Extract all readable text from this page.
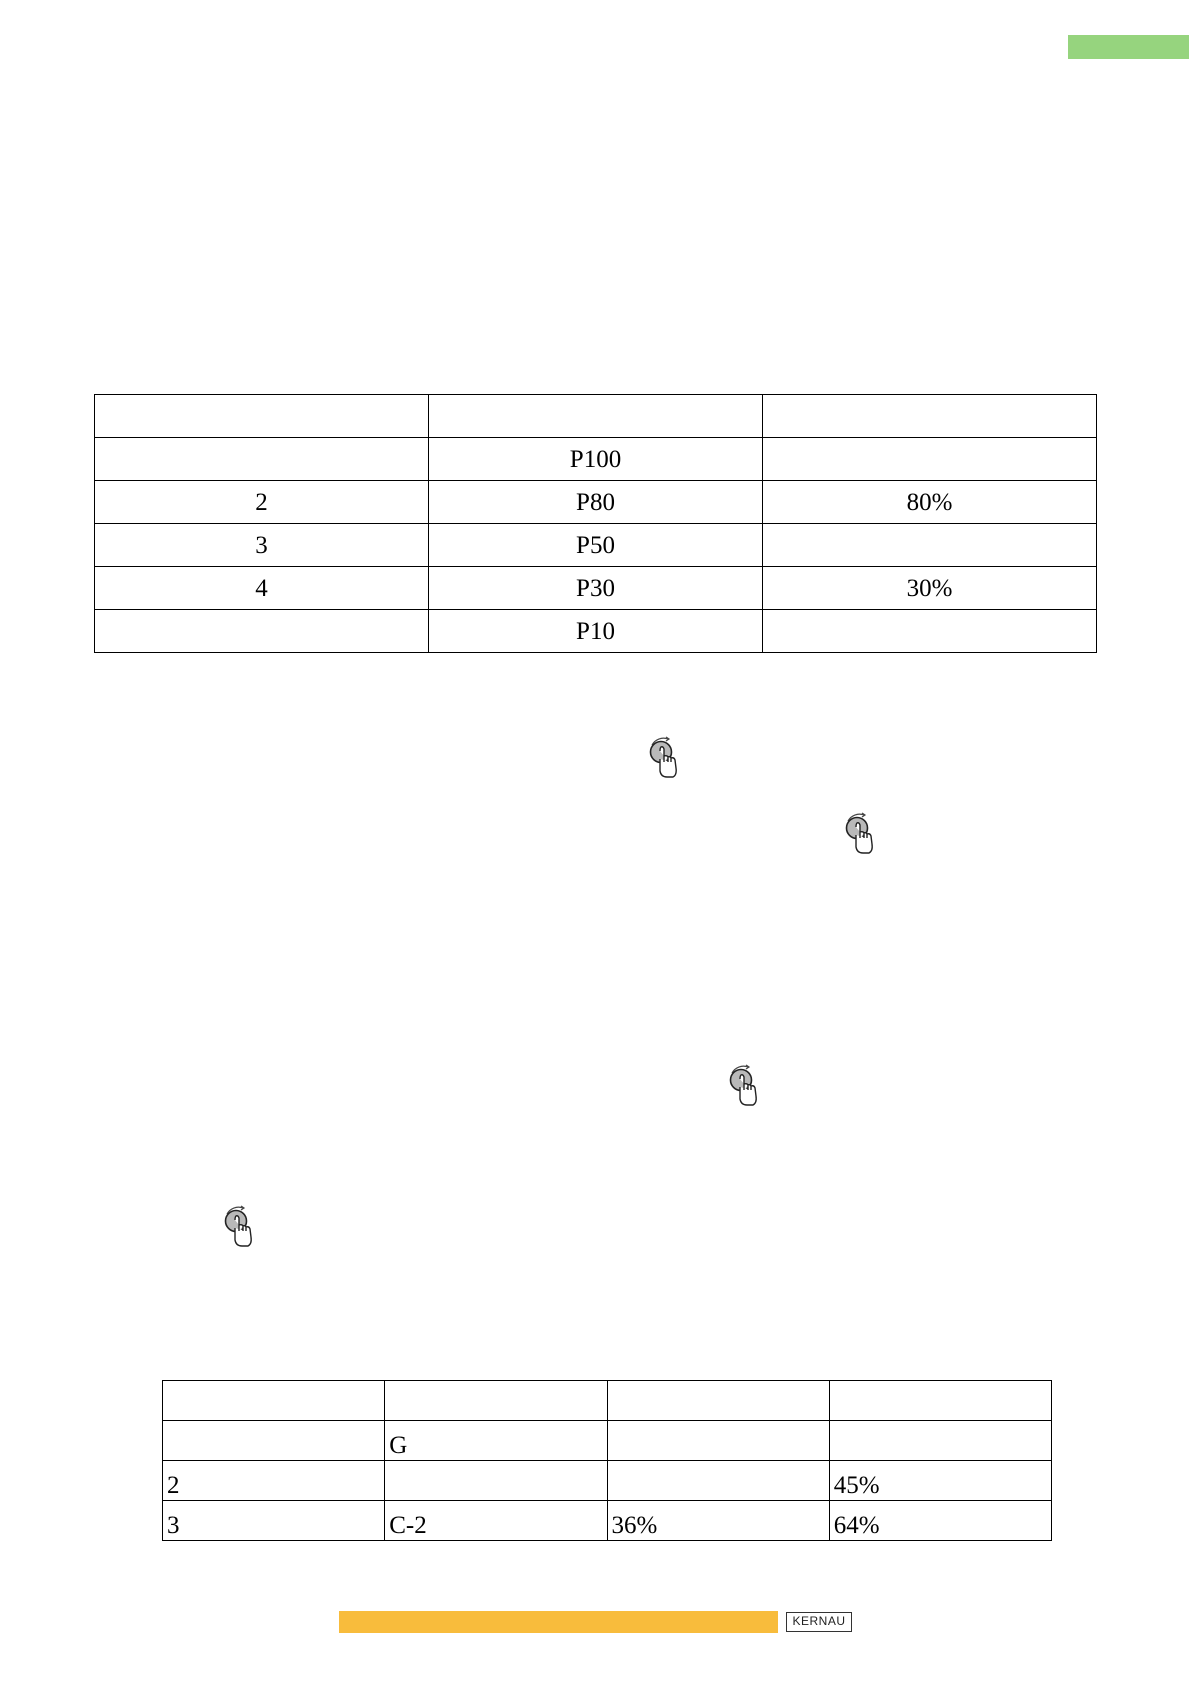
	P100	
2	P80	80%
3	P50	
4	P30	30%
	P10	

	G		
2			45%
3	C-2	36%	64%
KERNAU
